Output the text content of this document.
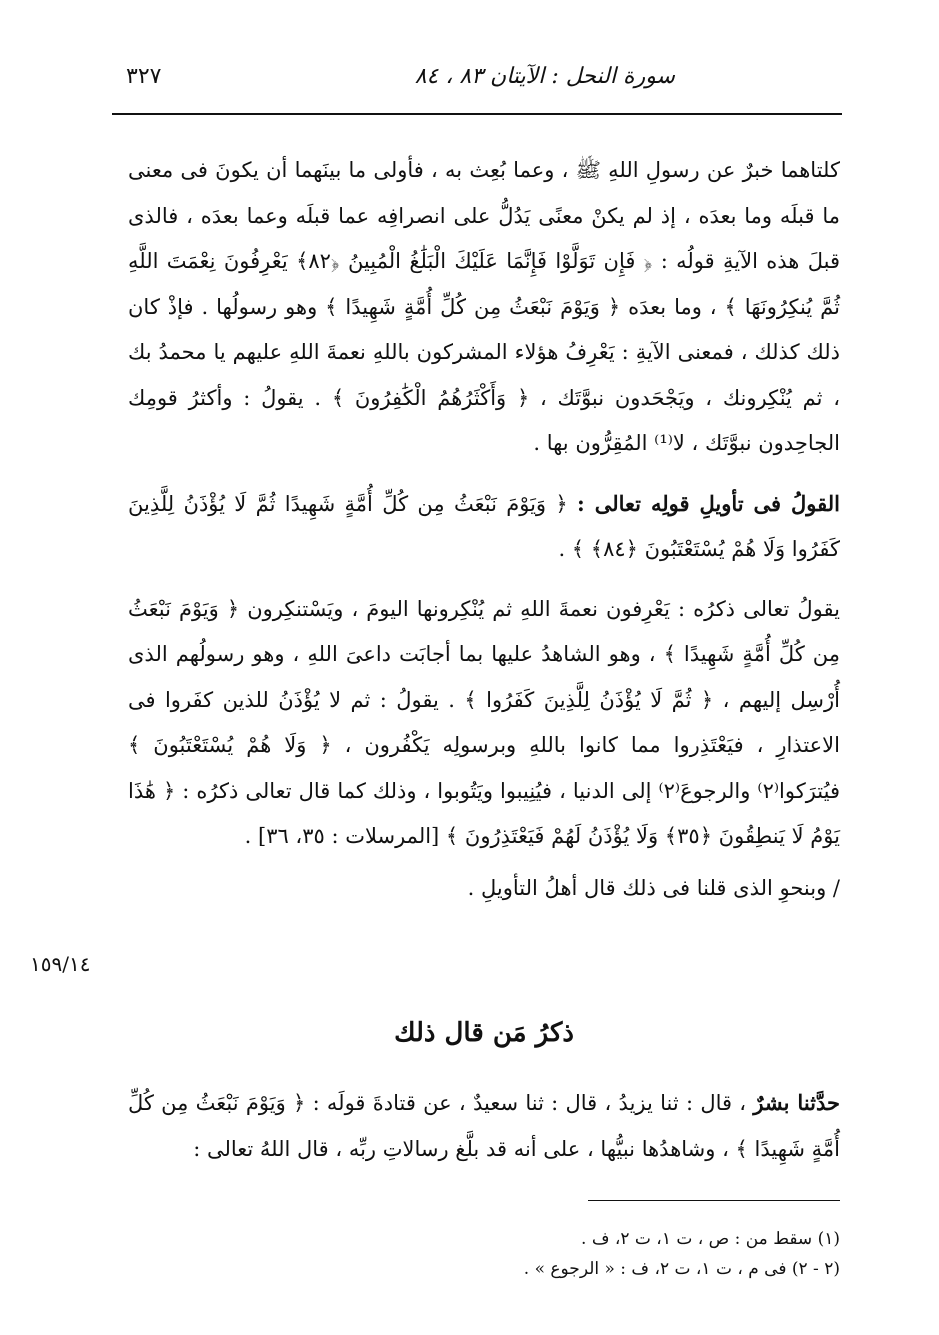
سورة النحل : الآيتان ٨٣ ، ٨٤
٣٢٧

كلتاهما خبرٌ عن رسولِ اللهِ ﷺ ، وعما بُعِث به ، فأولى ما بينَهما أن يكونَ فى معنى ما قبلَه وما بعدَه ، إذ لم يكنْ معنًى يَدُلُّ على انصرافِه عما قبلَه وعما بعدَه ، فالذى قبلَ هذه الآيةِ قولُه : ﴿ فَإِن تَوَلَّوْا فَإِنَّمَا عَلَيْكَ الْبَلَٰغُ الْمُبِينُ ﴿٨٢﴾ يَعْرِفُونَ نِعْمَتَ اللَّهِ ثُمَّ يُنكِرُونَهَا ﴾ ، وما بعدَه ﴿ وَيَوْمَ نَبْعَثُ مِن كُلِّ أُمَّةٍ شَهِيدًا ﴾ وهو رسولُها . فإذْ كان ذلك كذلك ، فمعنى الآيةِ : يَعْرِفُ هؤلاء المشركون باللهِ نعمةَ اللهِ عليهم يا محمدُ بك ، ثم يُنْكِرونك ، ويَجْحَدون نبوَّتَك ، ﴿ وَأَكْثَرُهُمُ الْكَٰفِرُونَ ﴾ . يقولُ : وأكثرُ قومِك الجاحِدون نبوَّتَك ، لا⁽¹⁾ المُقِرُّون بها .

القولُ فى تأويلِ قولِه تعالى : ﴿ وَيَوْمَ نَبْعَثُ مِن كُلِّ أُمَّةٍ شَهِيدًا ثُمَّ لَا يُؤْذَنُ لِلَّذِينَ كَفَرُوا وَلَا هُمْ يُسْتَعْتَبُونَ ﴿٨٤﴾ ﴾ .

يقولُ تعالى ذكرُه : يَعْرِفون نعمةَ اللهِ ثم يُنْكِرونها اليومَ ، ويَسْتنكِرون ﴿ وَيَوْمَ نَبْعَثُ مِن كُلِّ أُمَّةٍ شَهِيدًا ﴾ ، وهو الشاهدُ عليها بما أجابَت داعىَ اللهِ ، وهو رسولُهم الذى أُرْسِل إليهم ، ﴿ ثُمَّ لَا يُؤْذَنُ لِلَّذِينَ كَفَرُوا ﴾ . يقولُ : ثم لا يُؤْذَنُ للذين كفَروا فى الاعتذارِ ، فيَعْتَذِروا مما كانوا باللهِ وبرسولِه يَكْفُرون ، ﴿ وَلَا هُمْ يُسْتَعْتَبُونَ ﴾ فيُترَكوا⁽٢⁾ والرجوعَ⁽٢⁾ إلى الدنيا ، فيُنِيبوا ويَتُوبوا ، وذلك كما قال تعالى ذكرُه : ﴿ هَٰذَا يَوْمُ لَا يَنطِقُونَ ﴿٣٥﴾ وَلَا يُؤْذَنُ لَهُمْ فَيَعْتَذِرُونَ ﴾ [المرسلات : ٣٥، ٣٦] .

/ وبنحوِ الذى قلنا فى ذلك قال أهلُ التأويلِ .

١٥٩/١٤
ذكرُ مَن قال ذلك

حدَّثنا بشرٌ ، قال : ثنا يزيدُ ، قال : ثنا سعيدٌ ، عن قتادةَ قولَه : ﴿ وَيَوْمَ نَبْعَثُ مِن كُلِّ أُمَّةٍ شَهِيدًا ﴾ ، وشاهدُها نبيُّها ، على أنه قد بلَّغ رسالاتِ ربِّه ، قال اللهُ تعالى :

(١) سقط من : ص ، ت ١، ت ٢، ف .

(٢ - ٢) فى م ، ت ١، ت ٢، ف : « الرجوع » .
